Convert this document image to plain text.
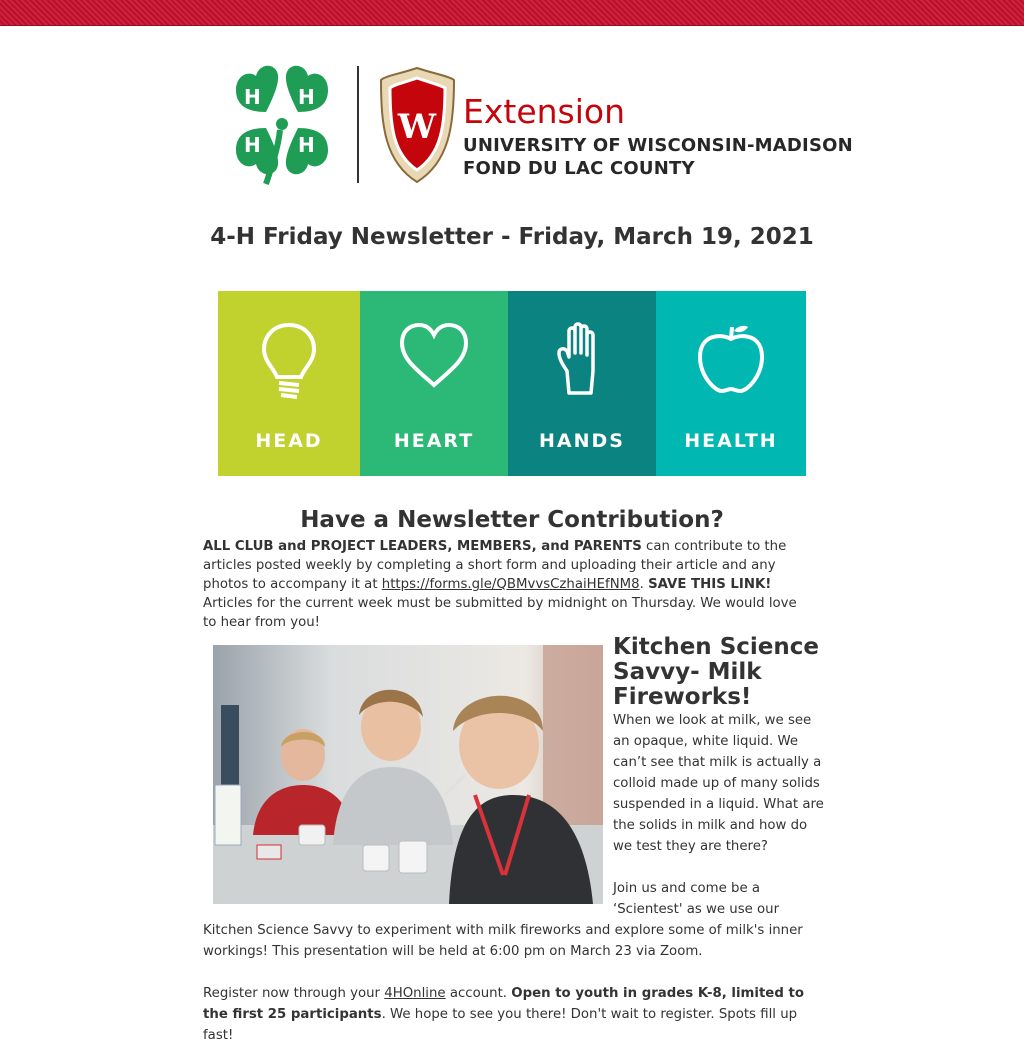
H H
H H W Extension
UNIVERSITY OF WISCONSIN-MADISON
FOND DU LAC COUNTY
4-H Friday Newsletter - Friday, March 19, 2021
HEAD	HEART	HANDS	HEALTH
Have a Newsletter Contribution?
ALL CLUB and PROJECT LEADERS, MEMBERS, and PARENTS can contribute to the articles posted weekly by completing a short form and uploading their article and any photos to accompany it at https://forms.gle/QBMvvsCzhaiHEfNM8. SAVE THIS LINK! Articles for the current week must be submitted by midnight on Thursday. We would love to hear from you!
Kitchen Science Savvy- Milk Fireworks!
When we look at milk, we see an opaque, white liquid. We can’t see that milk is actually a colloid made up of many solids suspended in a liquid. What are the solids in milk and how do we test they are there?
Join us and come be a ‘Scientest' as we use our
Kitchen Science Savvy to experiment with milk fireworks and explore some of milk's inner workings! This presentation will be held at 6:00 pm on March 23 via Zoom.
Register now through your 4HOnline account. Open to youth in grades K-8, limited to the first 25 participants. We hope to see you there! Don't wait to register. Spots fill up fast!
